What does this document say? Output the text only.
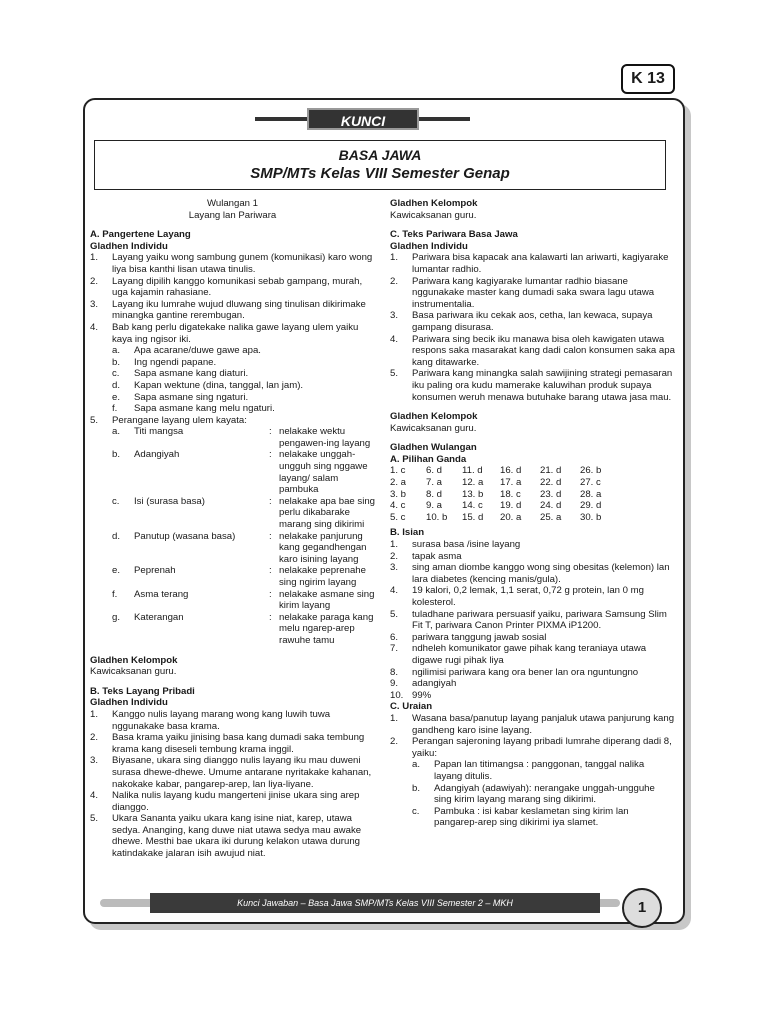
K 13
KUNCI JAWABAN
BASA JAWA
SMP/MTs Kelas VIII Semester Genap
Wulangan 1
Layang lan Pariwara
A. Pangertene Layang
Gladhen Individu
1.	Layang yaiku wong sambung gunem (komunikasi) karo wong liya bisa kanthi lisan utawa tinulis.
2.	Layang dipilih kanggo komunikasi sebab gampang, murah, uga kajamin rahasiane.
3.	Layang iku lumrahe wujud dluwang sing tinulisan dikirimake minangka gantine rerembugan.
4.	Bab kang perlu digatekake nalika gawe layang ulem yaiku kaya ing ngisor iki.
a.	Apa acarane/duwe gawe apa.
b.	Ing ngendi papane.
c.	Sapa asmane kang diaturi.
d.	Kapan wektune (dina, tanggal, lan jam).
e.	Sapa asmane sing ngaturi.
f.	Sapa asmane kang melu ngaturi.
5.	Perangane layang ulem kayata:
a.	Titi mangsa	: nelakake wektu pengawen-ing layang
b.	Adangiyah	: nelakake unggah-ungguh sing nggawe layang/ salam pambuka
c.	Isi (surasa basa)	: nelakake apa bae sing perlu dikabarake marang sing dikirimi
d.	Panutup (wasana basa)	: nelakake panjurung kang gegandhengan karo isining layang
e.	Peprenah	: nelakake peprenahe sing ngirim layang
f.	Asma terang	: nelakake asmane sing kirim layang
g.	Katerangan	: nelakake paraga kang melu ngarep-arep rawuhe tamu
Gladhen Kelompok
Kawicaksanan guru.
B. Teks Layang Pribadi
Gladhen Individu
1.	Kanggo nulis layang marang wong kang luwih tuwa nggunakake basa krama.
2.	Basa krama yaiku jinising basa kang dumadi saka tembung krama kang diseseli tembung krama inggil.
3.	Biyasane, ukara sing dianggo nulis layang iku mau duweni surasa dhewe-dhewe. Umume antarane nyritakake kahanan, nakokake kabar, pangarep-arep, lan liya-liyane.
4.	Nalika nulis layang kudu mangerteni jinise ukara sing arep dianggo.
5.	Ukara Sananta yaiku ukara kang isine niat, karep, utawa sedya. Ananging, kang duwe niat utawa sedya mau awake dhewe. Mesthi bae ukara iki durung kelakon utawa durung katindakake jalaran isih awujud niat.
Gladhen Kelompok
Kawicaksanan guru.
C. Teks Pariwara Basa Jawa
Gladhen Individu
1.	Pariwara bisa kapacak ana kalawarti lan ariwarti, kagiyarake lumantar radhio.
2.	Pariwara kang kagiyarake lumantar radhio biasane nggunakake master kang dumadi saka swara lagu utawa instrumentalia.
3.	Basa pariwara iku cekak aos, cetha, lan kewaca, supaya gampang disurasa.
4.	Pariwara sing becik iku manawa bisa oleh kawigaten utawa respons saka masarakat kang dadi calon konsumen saka apa kang ditawarke.
5.	Pariwara kang minangka salah sawijining strategi pemasaran iku paling ora kudu mamerake kaluwihan produk supaya konsumen weruh menawa butuhake barang utawa jasa mau.
Gladhen Kelompok
Kawicaksanan guru.
Gladhen Wulangan
A. Pilihan Ganda
1. c	6. d	11. d	16. d	21. d	26. b
2. a	7. a	12. a	17. a	22. d	27. c
3. b	8. d	13. b	18. c	23. d	28. a
4. c	9. a	14. c	19. d	24. d	29. d
5. c	10. b	15. d	20. a	25. a	30. b
B. Isian
1.	surasa basa /isine layang
2.	tapak asma
3.	sing aman diombe kanggo wong sing obesitas (kelemon) lan lara diabetes (kencing manis/gula).
4.	19 kalori, 0,2 lemak, 1,1 serat, 0,72 g protein, lan 0 mg kolesterol.
5.	tuladhane pariwara persuasif yaiku, pariwara Samsung Slim Fit T, pariwara Canon Printer PIXMA iP1200.
6.	pariwara tanggung jawab sosial
7.	ndheleh komunikator gawe pihak kang teraniaya utawa digawe rugi pihak liya
8.	ngilimisi pariwara kang ora bener lan ora nguntungno
9.	adangiyah
10. 99%
C. Uraian
1.	Wasana basa/panutup layang panjaluk utawa panjurung kang gandheng karo isine layang.
2.	Perangan sajeroning layang pribadi lumrahe diperang dadi 8, yaiku:
a.	Papan lan titimangsa : panggonan, tanggal nalika layang ditulis.
b.	Adangiyah (adawiyah): nerangake unggah-ungguhe sing kirim layang marang sing dikirimi.
c.	Pambuka : isi kabar keslametan sing kirim lan pangarep-arep sing dikirimi iya slamet.
Kunci Jawaban – Basa Jawa SMP/MTs Kelas VIII Semester 2 – MKH	1
